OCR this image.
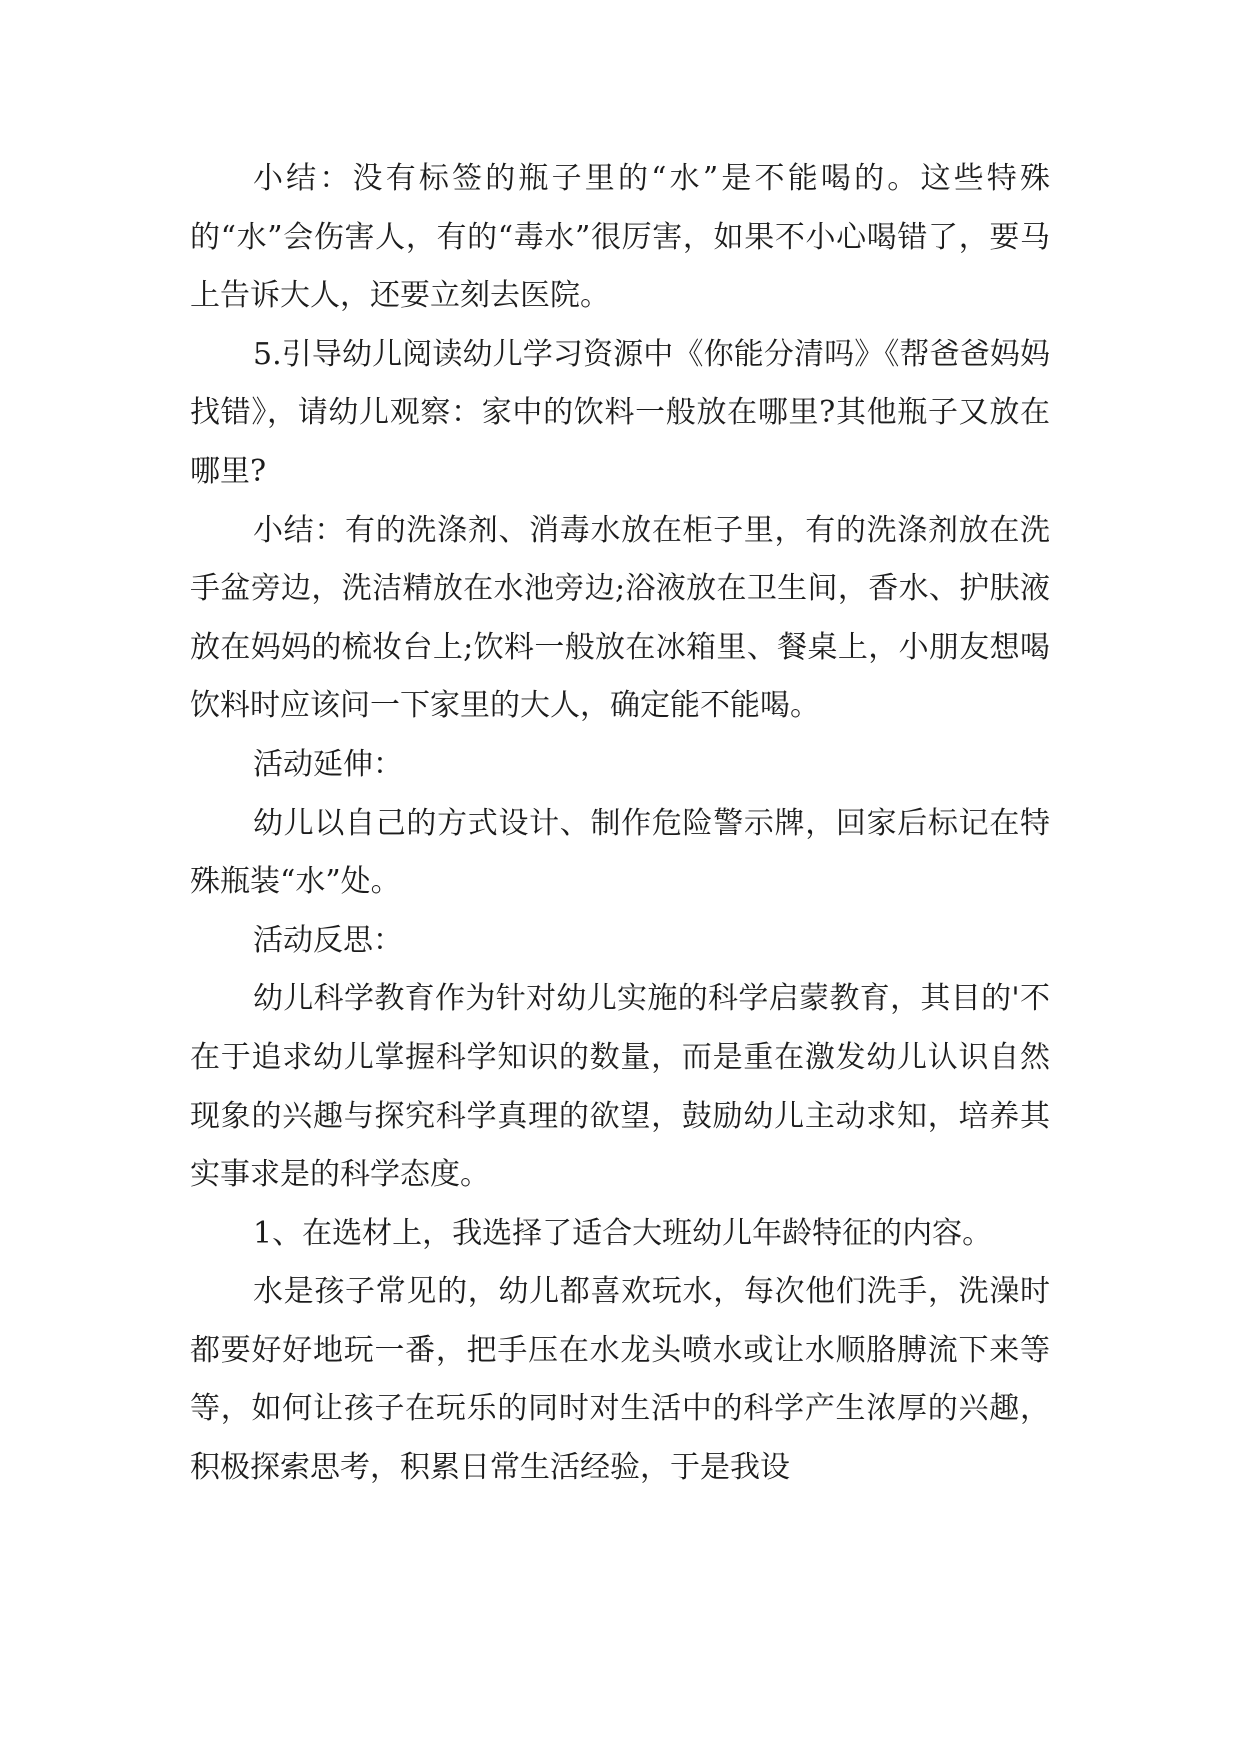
小结：没有标签的瓶子里的“水”是不能喝的。这些特殊的“水”会伤害人，有的“毒水”很厉害，如果不小心喝错了，要马上告诉大人，还要立刻去医院。

5.引导幼儿阅读幼儿学习资源中《你能分清吗》《帮爸爸妈妈找错》，请幼儿观察：家中的饮料一般放在哪里?其他瓶子又放在哪里?

小结：有的洗涤剂、消毒水放在柜子里，有的洗涤剂放在洗手盆旁边，洗洁精放在水池旁边;浴液放在卫生间，香水、护肤液放在妈妈的梳妆台上;饮料一般放在冰箱里、餐桌上，小朋友想喝饮料时应该问一下家里的大人，确定能不能喝。

活动延伸：

幼儿以自己的方式设计、制作危险警示牌，回家后标记在特殊瓶装“水”处。

活动反思：

幼儿科学教育作为针对幼儿实施的科学启蒙教育，其目的'不在于追求幼儿掌握科学知识的数量，而是重在激发幼儿认识自然现象的兴趣与探究科学真理的欲望，鼓励幼儿主动求知，培养其实事求是的科学态度。

1、在选材上，我选择了适合大班幼儿年龄特征的内容。

水是孩子常见的，幼儿都喜欢玩水，每次他们洗手，洗澡时都要好好地玩一番，把手压在水龙头喷水或让水顺胳膊流下来等等，如何让孩子在玩乐的同时对生活中的科学产生浓厚的兴趣，积极探索思考，积累日常生活经验，于是我设
